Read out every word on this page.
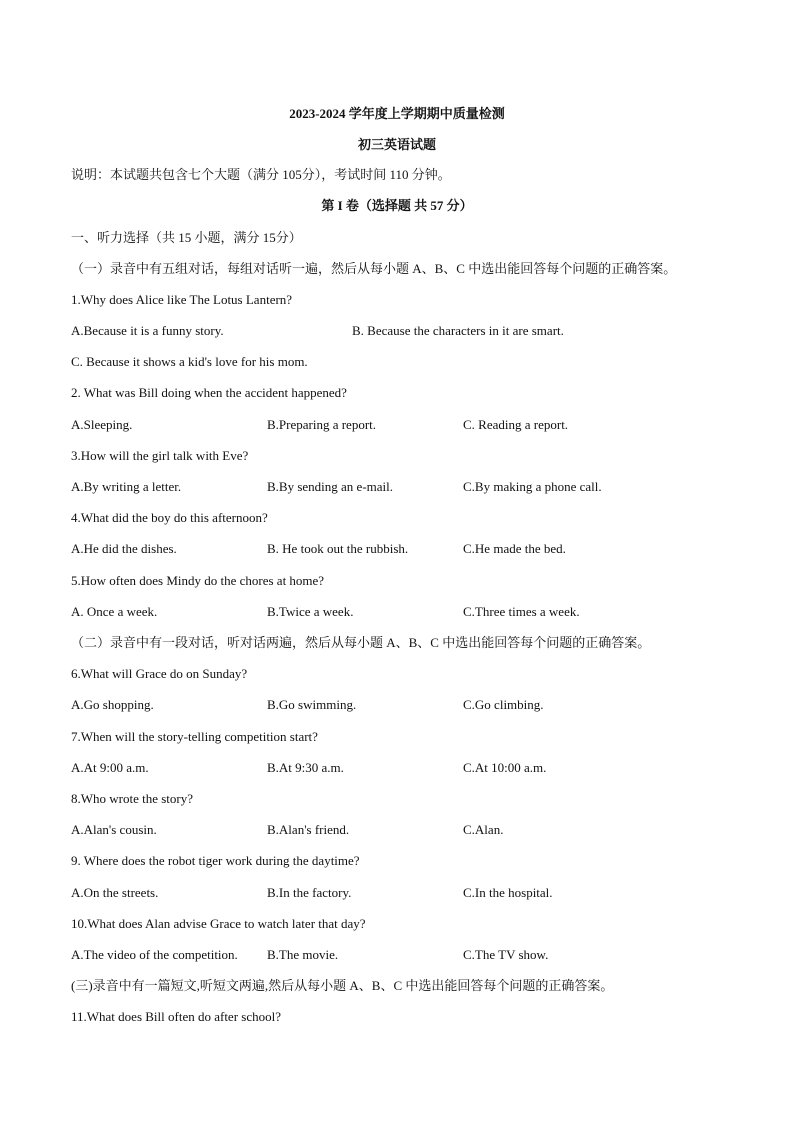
2023-2024 学年度上学期期中质量检测
初三英语试题
说明：本试题共包含七个大题（满分 105分），考试时间 110 分钟。
第 I 卷（选择题 共 57 分）
一、听力选择（共 15 小题，满分 15分）
（一）录音中有五组对话，每组对话听一遍，然后从每小题 A、B、C 中选出能回答每个问题的正确答案。
1.Why does Alice like The Lotus Lantern?
A.Because it is a funny story.	B. Because the characters in it are smart.
C. Because it shows a kid's love for his mom.
2. What was Bill doing when the accident happened?
A.Sleeping.	B.Preparing a report.	C. Reading a report.
3.How will the girl talk with Eve?
A.By writing a letter.	B.By sending an e-mail.	C.By making a phone call.
4.What did the boy do this afternoon?
A.He did the dishes.	B. He took out the rubbish.	C.He made the bed.
5.How often does Mindy do the chores at home?
A. Once a week.	B.Twice a week.	C.Three times a week.
（二）录音中有一段对话，听对话两遍，然后从每小题 A、B、C 中选出能回答每个问题的正确答案。
6.What will Grace do on Sunday?
A.Go shopping.	B.Go swimming.	C.Go climbing.
7.When will the story-telling competition start?
A.At 9:00 a.m.	B.At 9:30 a.m.	C.At 10:00 a.m.
8.Who wrote the story?
A.Alan's cousin.	B.Alan's friend.	C.Alan.
9. Where does the robot tiger work during the daytime?
A.On the streets.	B.In the factory.	C.In the hospital.
10.What does Alan advise Grace to watch later that day?
A.The video of the competition. B.The movie.	C.The TV show.
(三)录音中有一篇短文,听短文两遍,然后从每小题 A、B、C 中选出能回答每个问题的正确答案。
11.What does Bill often do after school?
